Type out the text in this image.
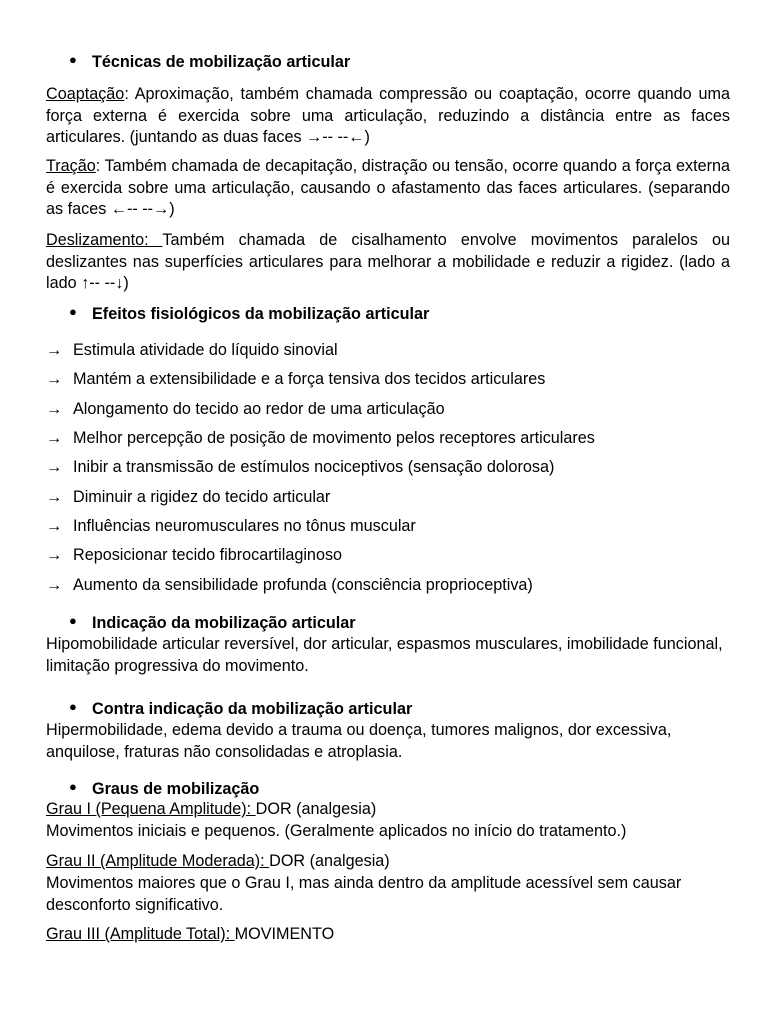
● Técnicas de mobilização articular
Coaptação: Aproximação, também chamada compressão ou coaptação, ocorre quando uma força externa é exercida sobre uma articulação, reduzindo a distância entre as faces articulares. (juntando as duas faces →-- --←)
Tração: Também chamada de decapitação, distração ou tensão, ocorre quando a força externa é exercida sobre uma articulação, causando o afastamento das faces articulares. (separando as faces ←-- --→)
Deslizamento: Também chamada de cisalhamento envolve movimentos paralelos ou deslizantes nas superfícies articulares para melhorar a mobilidade e reduzir a rigidez. (lado a lado ↑-- --↓)
● Efeitos fisiológicos da mobilização articular
→ Estimula atividade do líquido sinovial
→ Mantém a extensibilidade e a força tensiva dos tecidos articulares
→ Alongamento do tecido ao redor de uma articulação
→ Melhor percepção de posição de movimento pelos receptores articulares
→ Inibir a transmissão de estímulos nociceptivos (sensação dolorosa)
→ Diminuir a rigidez do tecido articular
→ Influências neuromusculares no tônus muscular
→ Reposicionar tecido fibrocartilaginoso
→ Aumento da sensibilidade profunda (consciência proprioceptiva)
● Indicação da mobilização articular
Hipomobilidade articular reversível, dor articular, espasmos musculares, imobilidade funcional, limitação progressiva do movimento.
● Contra indicação da mobilização articular
Hipermobilidade, edema devido a trauma ou doença, tumores malignos, dor excessiva, anquilose, fraturas não consolidadas e atroplasia.
● Graus de mobilização
Grau I (Pequena Amplitude): DOR (analgesia)
Movimentos iniciais e pequenos. (Geralmente aplicados no início do tratamento.)
Grau II (Amplitude Moderada): DOR (analgesia)
Movimentos maiores que o Grau I, mas ainda dentro da amplitude acessível sem causar desconforto significativo.
Grau III (Amplitude Total): MOVIMENTO
